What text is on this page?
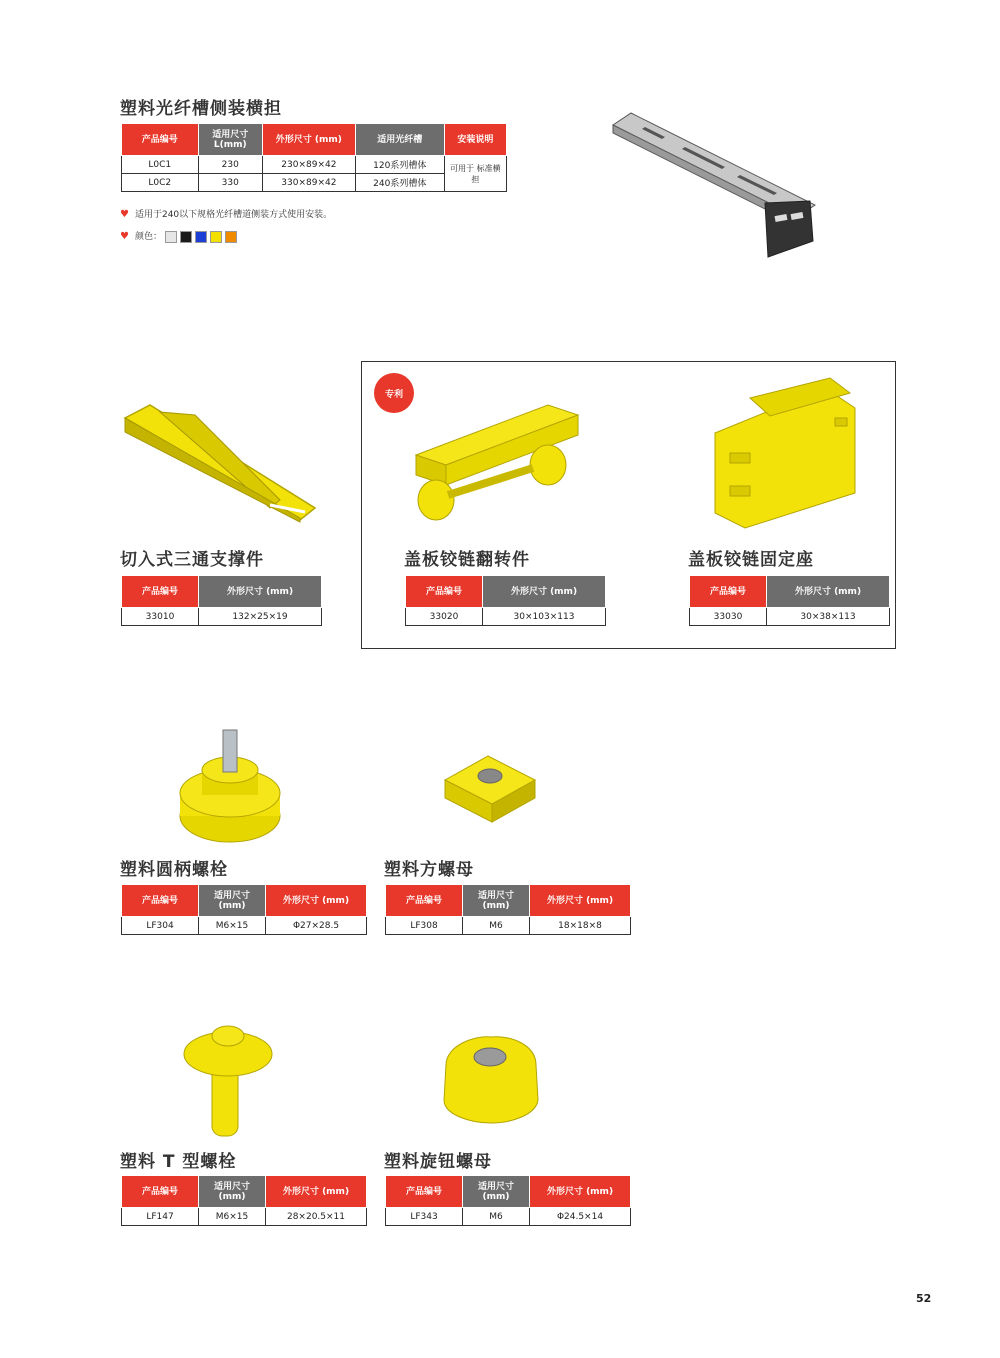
塑料光纤槽侧装横担
产品编号	适用尺寸 L(mm)	外形尺寸 (mm)	适用光纤槽	安装说明
L0C1	230	230×89×42	120系列槽体	可用于 标准横担
L0C2	330	330×89×42	240系列槽体	
♥ 适用于240以下规格光纤槽道侧装方式使用安装。
♥ 颜色：
专利
切入式三通支撑件
产品编号	外形尺寸 (mm)
33010	132×25×19
盖板铰链翻转件
产品编号	外形尺寸 (mm)
33020	30×103×113
盖板铰链固定座
产品编号	外形尺寸 (mm)
33030	30×38×113
塑料圆柄螺栓
产品编号	适用尺寸 (mm)	外形尺寸 (mm)
LF304	M6×15	Φ27×28.5
塑料方螺母
产品编号	适用尺寸 (mm)	外形尺寸 (mm)
LF308	M6	18×18×8
塑料 T 型螺栓
产品编号	适用尺寸 (mm)	外形尺寸 (mm)
LF147	M6×15	28×20.5×11
塑料旋钮螺母
产品编号	适用尺寸 (mm)	外形尺寸 (mm)
LF343	M6	Φ24.5×14
52
